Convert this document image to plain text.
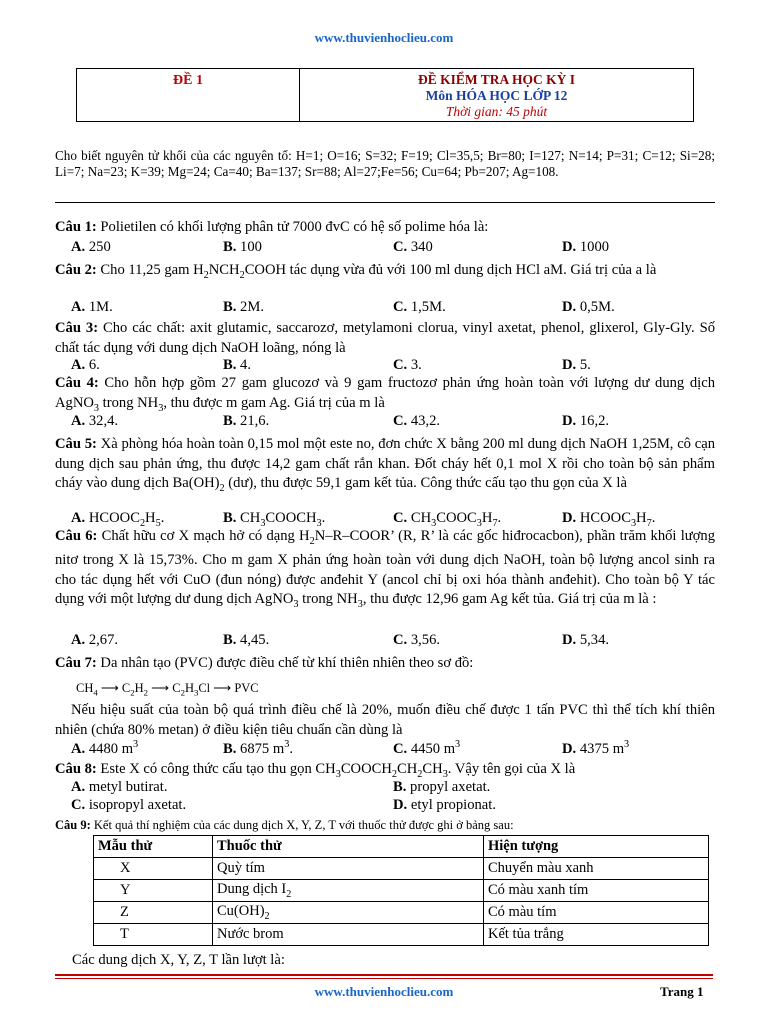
www.thuvienhoclieu.com
ĐỀ 1	ĐỀ KIỂM TRA HỌC KỲ I
Môn HÓA HỌC LỚP 12
Thời gian: 45 phút
Cho biết nguyên tử khối của các nguyên tố: H=1; O=16; S=32; F=19; Cl=35,5; Br=80; I=127; N=14; P=31; C=12; Si=28; Li=7; Na=23; K=39; Mg=24; Ca=40; Ba=137; Sr=88; Al=27;Fe=56; Cu=64; Pb=207; Ag=108.
Câu 1: Polietilen có khối lượng phân tử 7000 đvC có hệ số polime hóa là:
A. 250	B. 100	C. 340	D. 1000
Câu 2: Cho 11,25 gam $H_2NCH_2COOH$ tác dụng vừa đủ với 100 ml dung dịch HCl aM. Giá trị của a là
A. 1M.	B. 2M.	C. 1,5M.	D. 0,5M.
Câu 3: Cho các chất: axit glutamic, saccarozơ, metylamoni clorua, vinyl axetat, phenol, glixerol, Gly-Gly. Số chất tác dụng với dung dịch NaOH loãng, nóng là
A. 6.	B. 4.	C. 3.	D. 5.
Câu 4: Cho hỗn hợp gồm 27 gam glucozơ và 9 gam fructozơ phản ứng hoàn toàn với lượng dư dung dịch AgNO$_3$ trong $NH_3$, thu được m gam Ag. Giá trị của m là
A. 32,4.	B. 21,6.	C. 43,2.	D. 16,2.
Câu 5: Xà phòng hóa hoàn toàn 0,15 mol một este no, đơn chức X bằng 200 ml dung dịch NaOH 1,25M, cô cạn dung dịch sau phản ứng, thu được 14,2 gam chất rắn khan. Đốt cháy hết 0,1 mol X rồi cho toàn bộ sản phẩm cháy vào dung dịch $Ba(OH)_2$ (dư), thu được 59,1 gam kết tủa. Công thức cấu tạo thu gọn của X là
A. $HCOOC_2H_5$.	B. $CH_3COOCH_3$.	C. $CH_3COOC_3H_7$.	D. $HCOOC_3H_7$.
Câu 6: Chất hữu cơ X mạch hở có dạng $H_2N-R$–COOR’ (R, R’ là các gốc hiđrocacbon), phần trăm khối lượng nitơ trong X là 15,73%. Cho m gam X phản ứng hoàn toàn với dung dịch NaOH, toàn bộ lượng ancol sinh ra cho tác dụng hết với CuO (đun nóng) được anđehit Y (ancol chỉ bị oxi hóa thành anđehit). Cho toàn bộ Y tác dụng với một lượng dư dung dịch AgNO$_3$ trong $NH_3$, thu được 12,96 gam Ag kết tủa. Giá trị của m là :
A. 2,67.	B. 4,45.	C. 3,56.	D. 5,34.
Câu 7: Da nhân tạo (PVC) được điều chế từ khí thiên nhiên theo sơ đồ:
$CH_4$ ⟶ $C_2H_2$ ⟶ $C_2H_3Cl$ ⟶ PVC
Nếu hiệu suất của toàn bộ quá trình điều chế là 20%, muốn điều chế được 1 tấn PVC thì thể tích khí thiên nhiên (chứa 80% metan) ở điều kiện tiêu chuẩn cần dùng là
A. 4480 $m^3$	B. 6875 $m^3$.	C. 4450 $m^3$	D. 4375 $m^3$
Câu 8: Este X có công thức cấu tạo thu gọn $CH_3COOCH_2CH_2CH_3$. Vậy tên gọi của X là
A. metyl butirat.	B. propyl axetat.
C. isopropyl axetat.	D. etyl propionat.
Câu 9: Kết quả thí nghiệm của các dung dịch X, Y, Z, T với thuốc thử được ghi ở bảng sau:
Mẫu thử	Thuốc thử	Hiện tượng
X	Quỳ tím	Chuyển màu xanh
Y	Dung dịch $I_2$	Có màu xanh tím
Z	$Cu(OH)_2$	Có màu tím
T	Nước brom	Kết tủa trắng
Các dung dịch X, Y, Z, T lần lượt là:
www.thuvienhoclieu.com	Trang 1
